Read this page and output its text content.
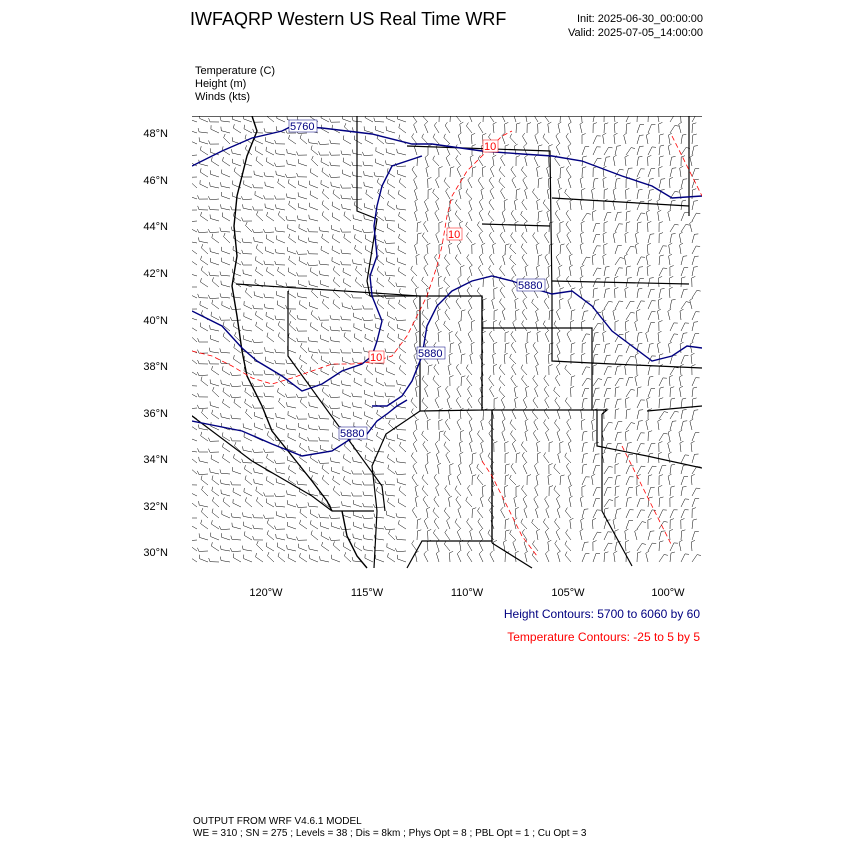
IWFAQRP Western US Real Time WRF	Init: 2025-06-30_00:00:00
Valid: 2025-07-05_14:00:00
Temperature (C)
Height (m)
Winds (kts)
48°N
46°N
44°N
42°N
40°N
38°N
36°N
34°N
32°N
30°N
120°W	115°W	110°W	105°W	100°W
5760
5880
5880
5880
10
10
10
Height Contours: 5700 to 6060 by 60
Temperature Contours: -25 to 5 by 5
OUTPUT FROM WRF V4.6.1 MODEL
WE = 310 ; SN = 275 ; Levels = 38 ; Dis = 8km ; Phys Opt = 8 ; PBL Opt = 1 ; Cu Opt = 3
